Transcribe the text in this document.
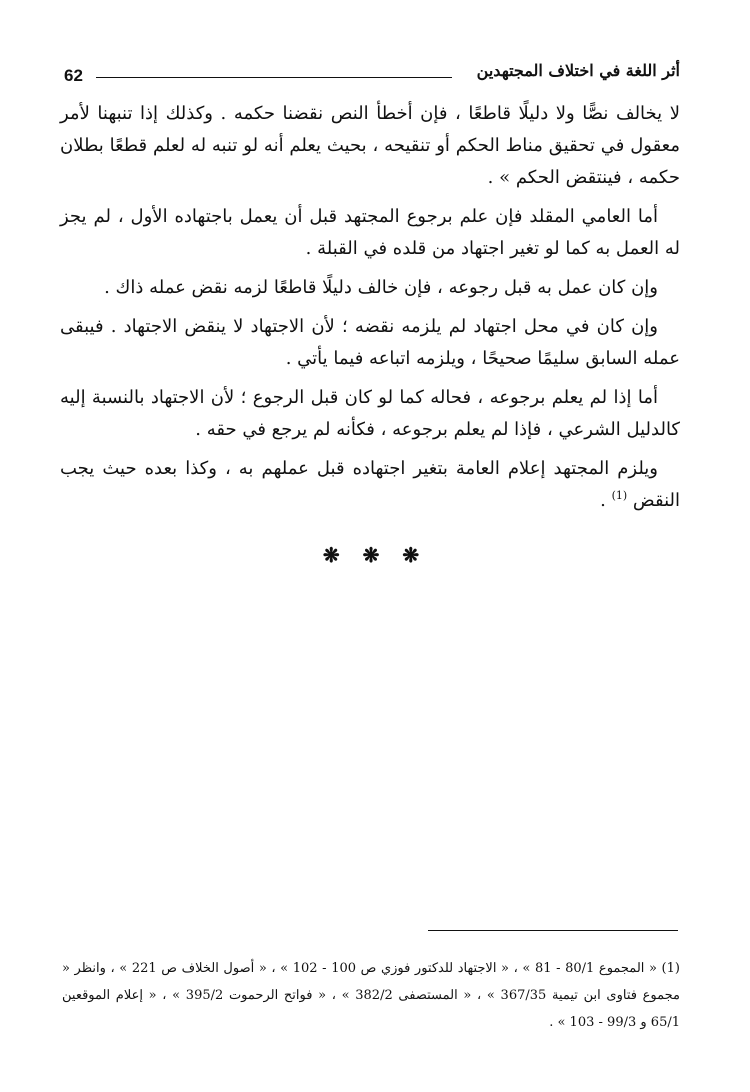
62	أثر اللغة في اختلاف المجتهدين

لا يخالف نصًّا ولا دليلًا قاطعًا ، فإن أخطأ النص نقضنا حكمه . وكذلك إذا تنبهنا لأمر معقول في تحقيق مناط الحكم أو تنقيحه ، بحيث يعلم أنه لو تنبه له لعلم قطعًا بطلان حكمه ، فينتقض الحكم » .

أما العامي المقلد فإن علم برجوع المجتهد قبل أن يعمل باجتهاده الأول ، لم يجز له العمل به كما لو تغير اجتهاد من قلده في القبلة .

وإن كان عمل به قبل رجوعه ، فإن خالف دليلًا قاطعًا لزمه نقض عمله ذاك .

وإن كان في محل اجتهاد لم يلزمه نقضه ؛ لأن الاجتهاد لا ينقض الاجتهاد . فيبقى عمله السابق سليمًا صحيحًا ، ويلزمه اتباعه فيما يأتي .

أما إذا لم يعلم برجوعه ، فحاله كما لو كان قبل الرجوع ؛ لأن الاجتهاد بالنسبة إليه كالدليل الشرعي ، فإذا لم يعلم برجوعه ، فكأنه لم يرجع في حقه .

ويلزم المجتهد إعلام العامة بتغير اجتهاده قبل عملهم به ، وكذا بعده حيث يجب النقض $^{(1)}$ .

❋ ❋ ❋

(1) « المجموع 80/1 - 81 » ، « الاجتهاد للدكتور فوزي ص 100 - 102 » ، « أصول الخلاف ص 221 » ، وانظر « مجموع فتاوى ابن تيمية 367/35 » ، « المستصفى 382/2 » ، « فواتح الرحموت 395/2 » ، « إعلام الموقعين 65/1 و 99/3 - 103 » .
